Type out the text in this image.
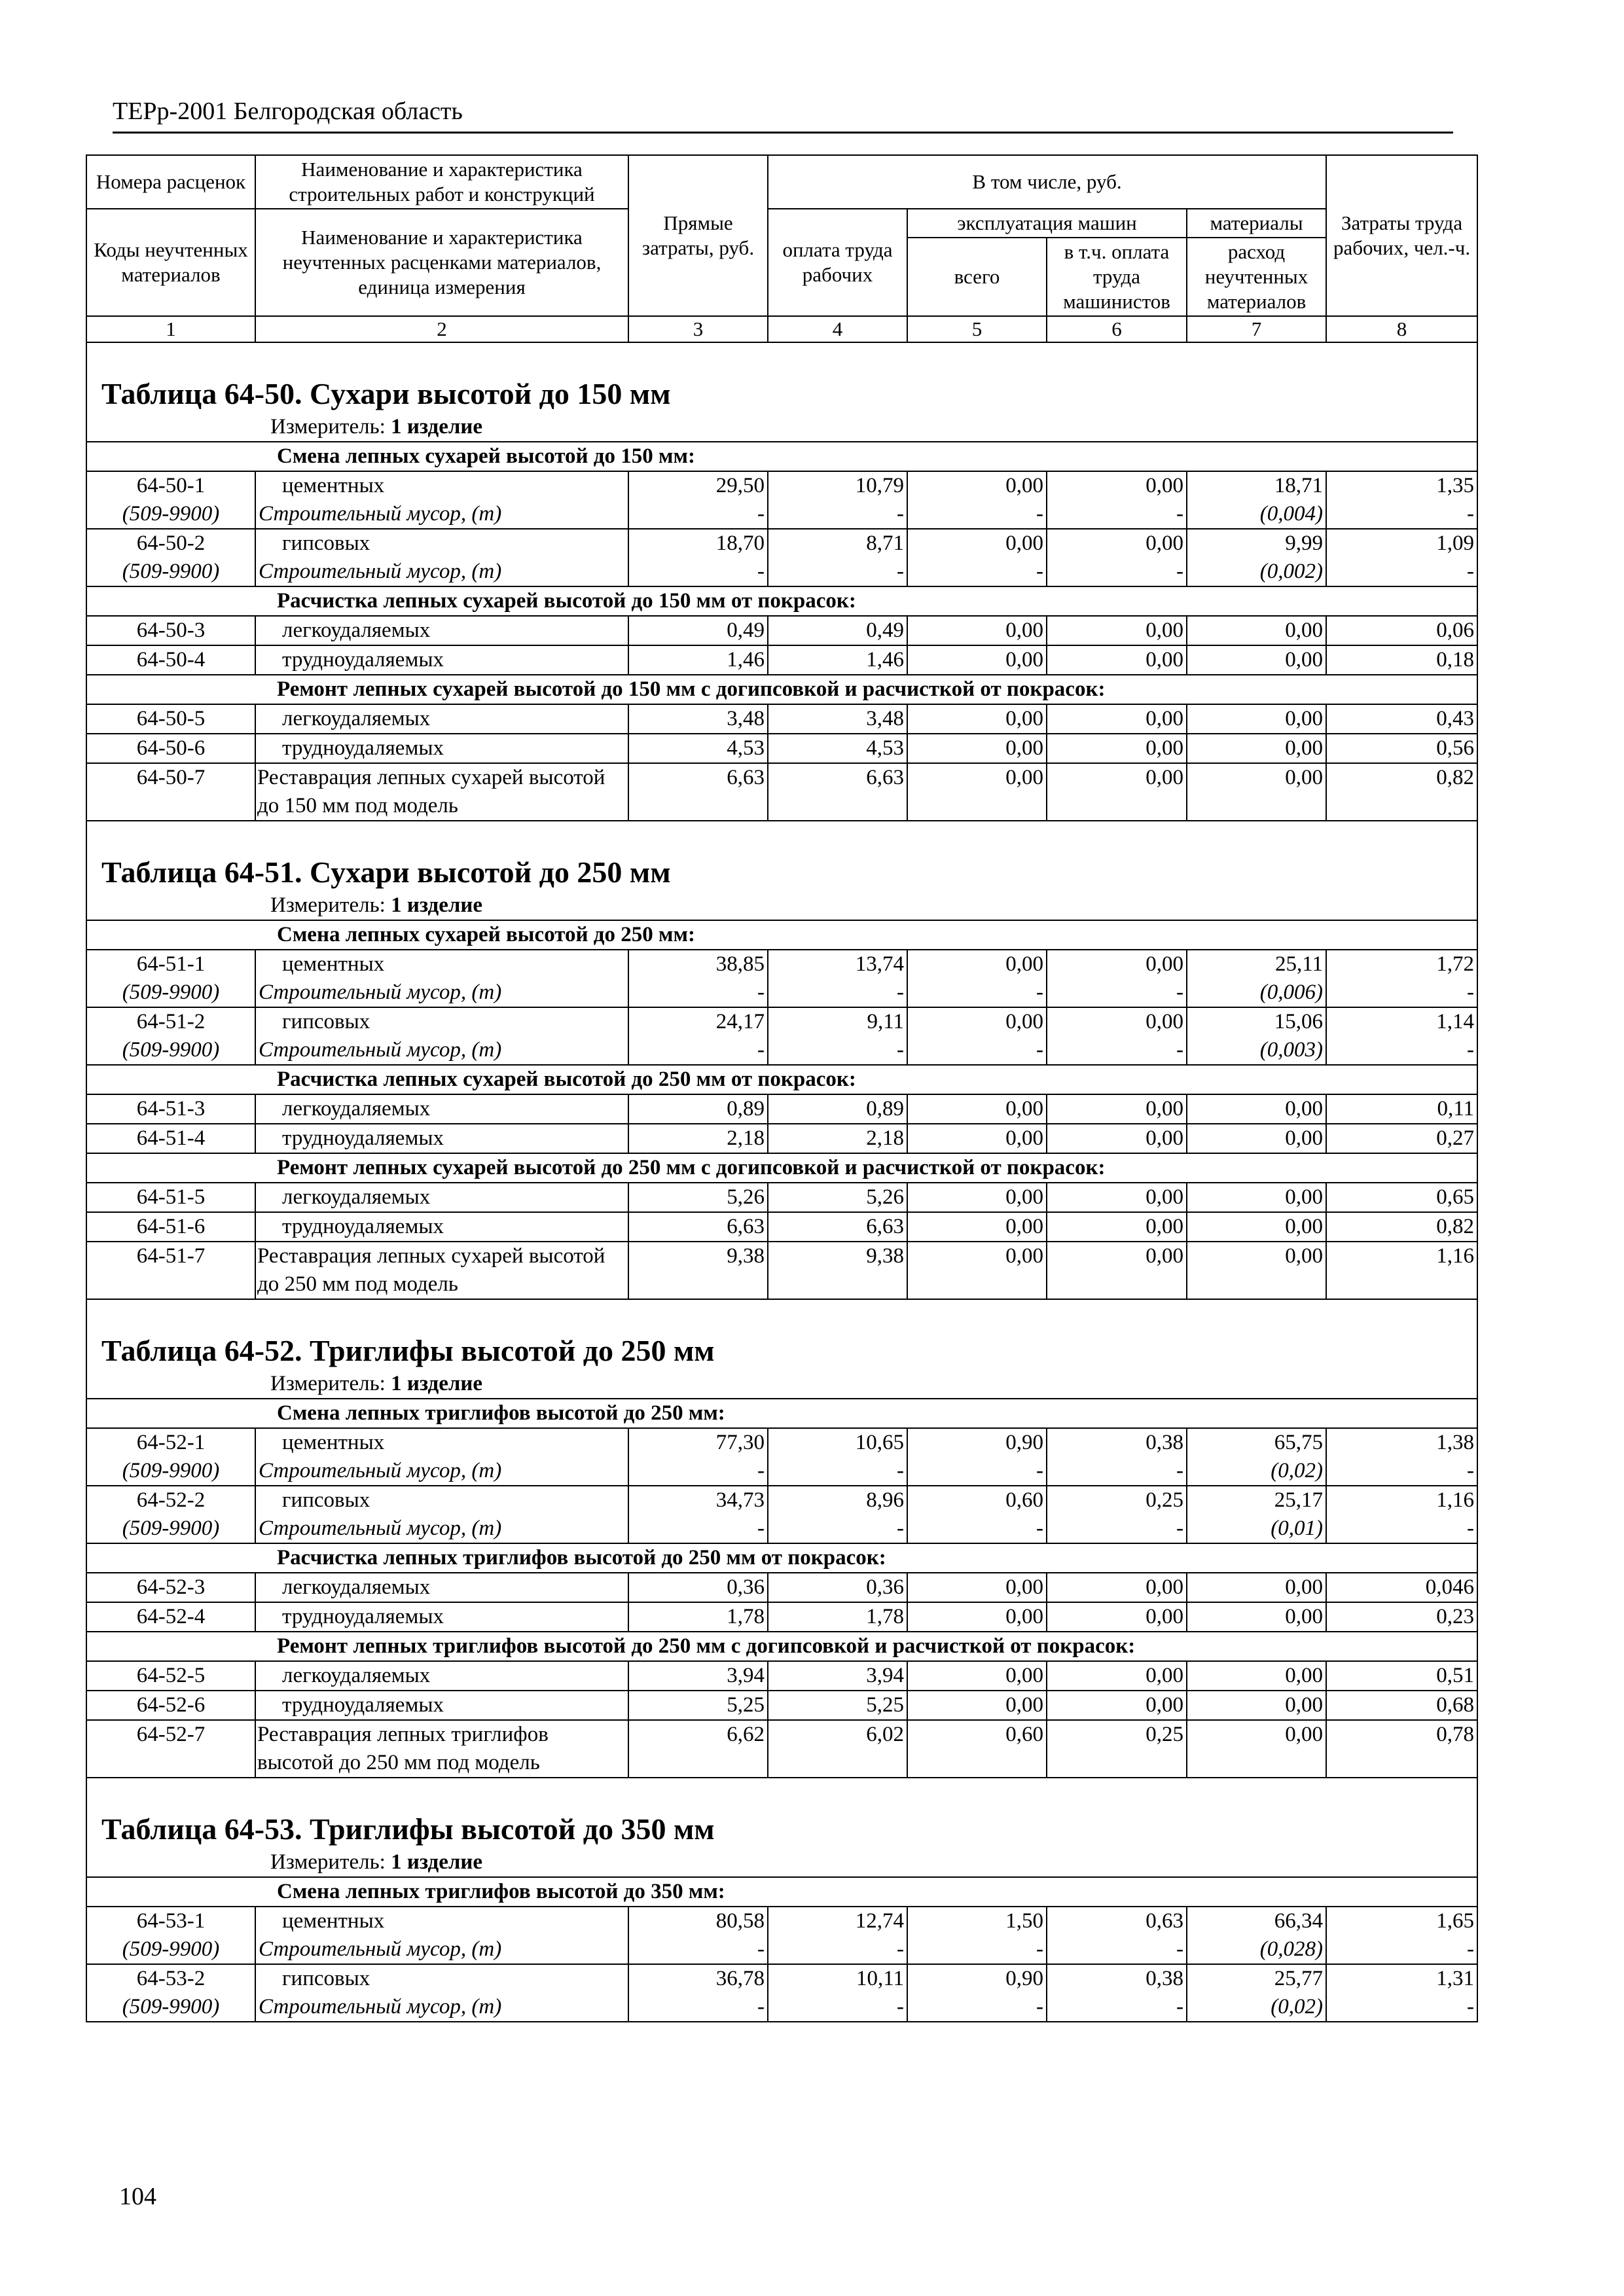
ТЕРр-2001 Белгородская область
Номера расценок	Наименование и характеристика строительных работ и конструкций	Прямые затраты, руб.	В том числе, руб.				Затраты труда рабочих, чел.-ч.
Коды неучтенных материалов	Наименование и характеристика неучтенных расценками материалов, единица измерения		оплата труда рабочих	эксплуатация машин		материалы	
				всего	в т.ч. оплата труда машинистов	расход неучтенных материалов	
1	2	3	4	5	6	7	8
Таблица 64-50. Сухари высотой до 150 мм							
Измеритель: 1 изделие							
Смена лепных сухарей высотой до 150 мм:							
64-50-1	цементных	29,50	10,79	0,00	0,00	18,71	1,35
(509-9900)	Строительный мусор, (т)	-	-	-	-	(0,004)	-
64-50-2	гипсовых	18,70	8,71	0,00	0,00	9,99	1,09
(509-9900)	Строительный мусор, (т)	-	-	-	-	(0,002)	-
Расчистка лепных сухарей высотой до 150 мм от покрасок:							
64-50-3	легкоудаляемых	0,49	0,49	0,00	0,00	0,00	0,06
64-50-4	трудноудаляемых	1,46	1,46	0,00	0,00	0,00	0,18
Ремонт лепных сухарей высотой до 150 мм с догипсовкой и расчисткой от покрасок:							
64-50-5	легкоудаляемых	3,48	3,48	0,00	0,00	0,00	0,43
64-50-6	трудноудаляемых	4,53	4,53	0,00	0,00	0,00	0,56
64-50-7	Реставрация лепных сухарей высотой до 150 мм под модель	6,63	6,63	0,00	0,00	0,00	0,82
Таблица 64-51. Сухари высотой до 250 мм							
Измеритель: 1 изделие							
Смена лепных сухарей высотой до 250 мм:							
64-51-1	цементных	38,85	13,74	0,00	0,00	25,11	1,72
(509-9900)	Строительный мусор, (т)	-	-	-	-	(0,006)	-
64-51-2	гипсовых	24,17	9,11	0,00	0,00	15,06	1,14
(509-9900)	Строительный мусор, (т)	-	-	-	-	(0,003)	-
Расчистка лепных сухарей высотой до 250 мм от покрасок:							
64-51-3	легкоудаляемых	0,89	0,89	0,00	0,00	0,00	0,11
64-51-4	трудноудаляемых	2,18	2,18	0,00	0,00	0,00	0,27
Ремонт лепных сухарей высотой до 250 мм с догипсовкой и расчисткой от покрасок:							
64-51-5	легкоудаляемых	5,26	5,26	0,00	0,00	0,00	0,65
64-51-6	трудноудаляемых	6,63	6,63	0,00	0,00	0,00	0,82
64-51-7	Реставрация лепных сухарей высотой до 250 мм под модель	9,38	9,38	0,00	0,00	0,00	1,16
Таблица 64-52. Триглифы высотой до 250 мм							
Измеритель: 1 изделие							
Смена лепных триглифов высотой до 250 мм:							
64-52-1	цементных	77,30	10,65	0,90	0,38	65,75	1,38
(509-9900)	Строительный мусор, (т)	-	-	-	-	(0,02)	-
64-52-2	гипсовых	34,73	8,96	0,60	0,25	25,17	1,16
(509-9900)	Строительный мусор, (т)	-	-	-	-	(0,01)	-
Расчистка лепных триглифов высотой до 250 мм от покрасок:							
64-52-3	легкоудаляемых	0,36	0,36	0,00	0,00	0,00	0,046
64-52-4	трудноудаляемых	1,78	1,78	0,00	0,00	0,00	0,23
Ремонт лепных триглифов высотой до 250 мм с догипсовкой и расчисткой от покрасок:							
64-52-5	легкоудаляемых	3,94	3,94	0,00	0,00	0,00	0,51
64-52-6	трудноудаляемых	5,25	5,25	0,00	0,00	0,00	0,68
64-52-7	Реставрация лепных триглифов высотой до 250 мм под модель	6,62	6,02	0,60	0,25	0,00	0,78
Таблица 64-53. Триглифы высотой до 350 мм							
Измеритель: 1 изделие							
Смена лепных триглифов высотой до 350 мм:							
64-53-1	цементных	80,58	12,74	1,50	0,63	66,34	1,65
(509-9900)	Строительный мусор, (т)	-	-	-	-	(0,028)	-
64-53-2	гипсовых	36,78	10,11	0,90	0,38	25,77	1,31
(509-9900)	Строительный мусор, (т)	-	-	-	-	(0,02)	-
104
